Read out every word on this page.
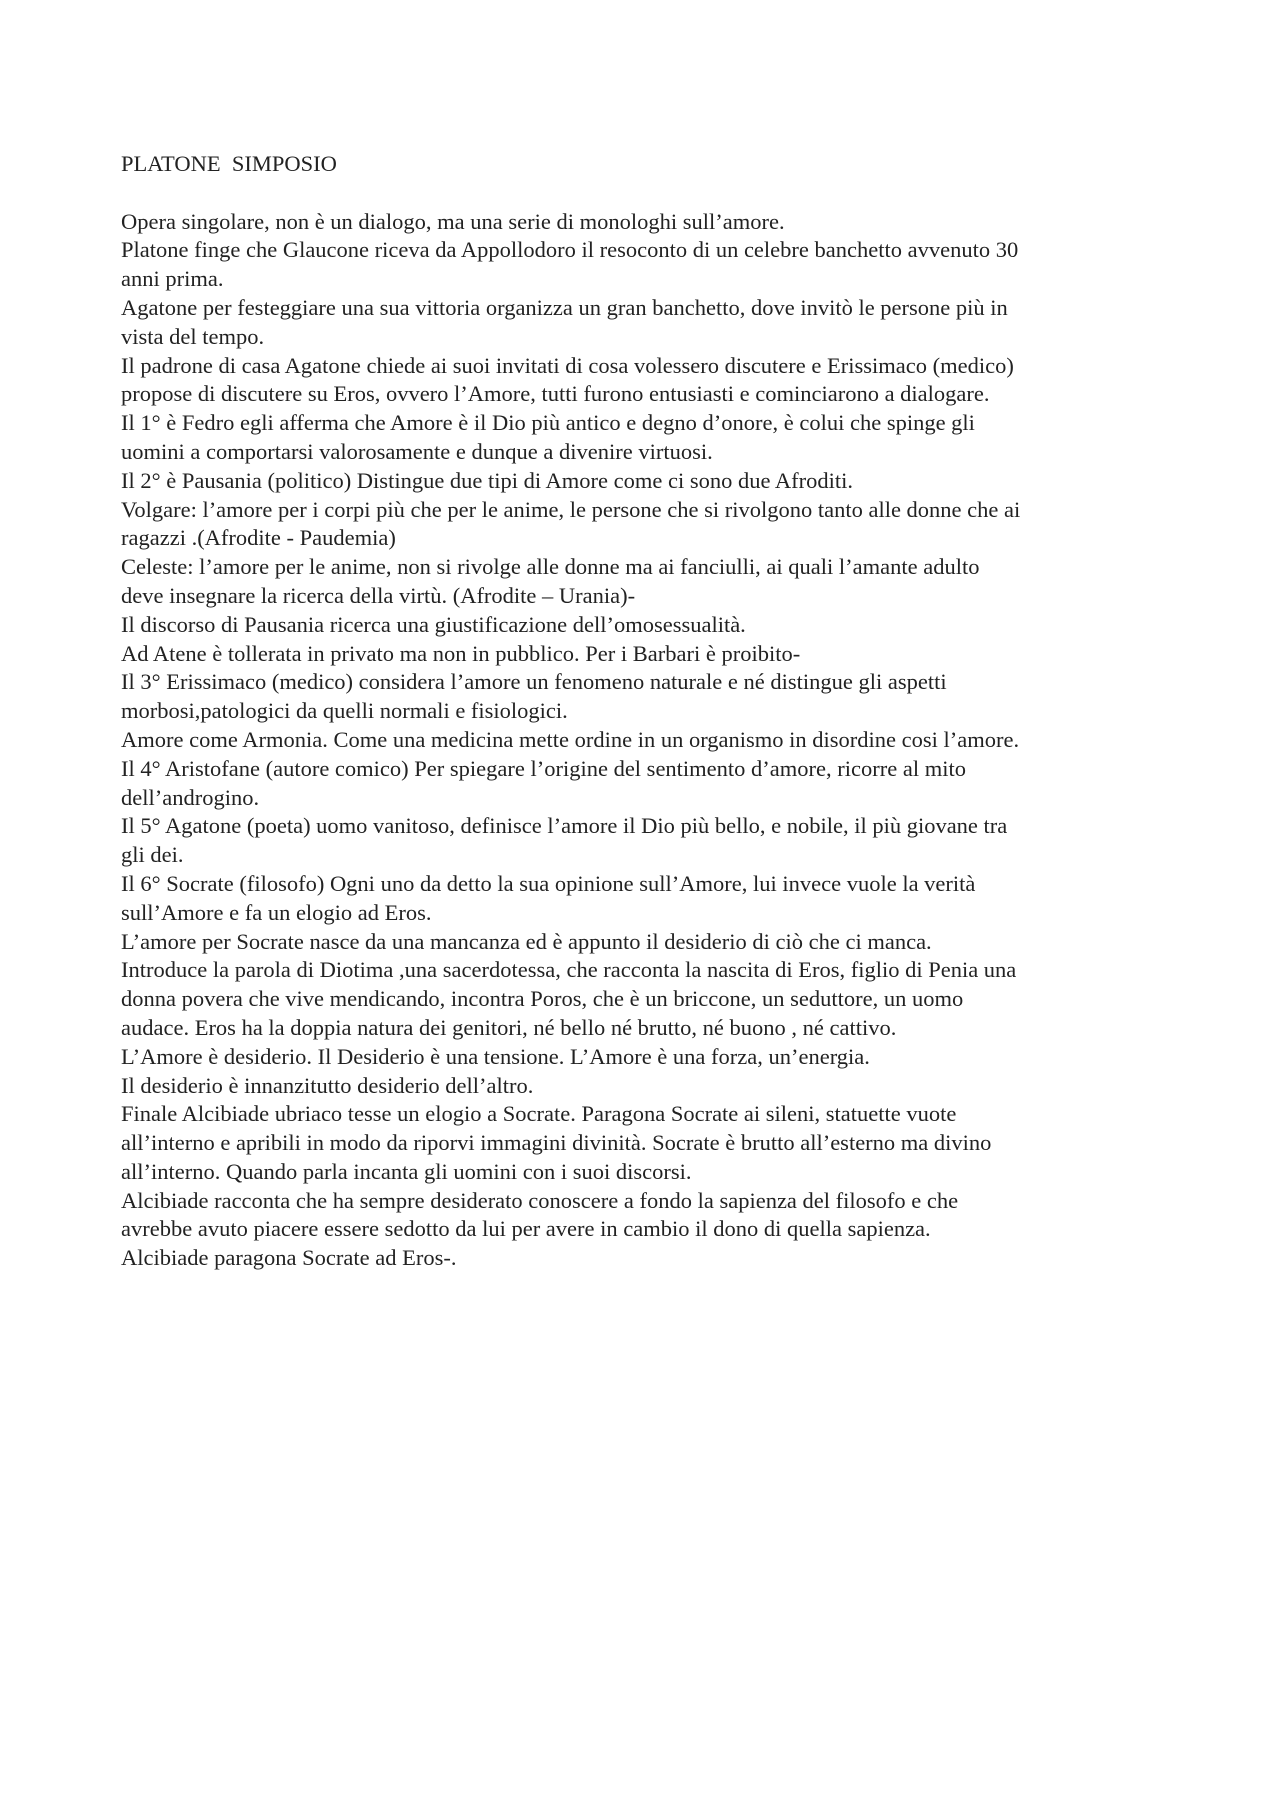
PLATONE  SIMPOSIO

Opera singolare, non è un dialogo, ma una serie di monologhi sull’amore.

Platone finge che Glaucone riceva da Appollodoro il resoconto di un celebre banchetto avvenuto 30

anni prima.

Agatone per festeggiare una sua vittoria organizza un gran banchetto, dove invitò le persone più in

vista del tempo.

Il padrone di casa Agatone chiede ai suoi invitati di cosa volessero discutere e Erissimaco (medico)

propose di discutere su Eros, ovvero l’Amore, tutti furono entusiasti e cominciarono a dialogare.

Il 1° è Fedro egli afferma che Amore è il Dio più antico e degno d’onore, è colui che spinge gli

uomini a comportarsi valorosamente e dunque a divenire virtuosi.

Il 2° è Pausania (politico) Distingue due tipi di Amore come ci sono due Afroditi.

Volgare: l’amore per i corpi più che per le anime, le persone che si rivolgono tanto alle donne che ai

ragazzi .(Afrodite - Paudemia)

Celeste: l’amore per le anime, non si rivolge alle donne ma ai fanciulli, ai quali l’amante adulto

deve insegnare la ricerca della virtù. (Afrodite – Urania)-

Il discorso di Pausania ricerca una giustificazione dell’omosessualità.

Ad Atene è tollerata in privato ma non in pubblico. Per i Barbari è proibito-

Il 3° Erissimaco (medico) considera l’amore un fenomeno naturale e né distingue gli aspetti

morbosi,patologici da quelli normali e fisiologici.

Amore come Armonia. Come una medicina mette ordine in un organismo in disordine cosi l’amore.

Il 4° Aristofane (autore comico) Per spiegare l’origine del sentimento d’amore, ricorre al mito

dell’androgino.

Il 5° Agatone (poeta) uomo vanitoso, definisce l’amore il Dio più bello, e nobile, il più giovane tra

gli dei.

Il 6° Socrate (filosofo) Ogni uno da detto la sua opinione sull’Amore, lui invece vuole la verità

sull’Amore e fa un elogio ad Eros.

L’amore per Socrate nasce da una mancanza ed è appunto il desiderio di ciò che ci manca.

Introduce la parola di Diotima ,una sacerdotessa, che racconta la nascita di Eros, figlio di Penia una

donna povera che vive mendicando, incontra Poros, che è un briccone, un seduttore, un uomo

audace. Eros ha la doppia natura dei genitori, né bello né brutto, né buono , né cattivo.

L’Amore è desiderio. Il Desiderio è una tensione. L’Amore è una forza, un’energia.

Il desiderio è innanzitutto desiderio dell’altro.

Finale Alcibiade ubriaco tesse un elogio a Socrate. Paragona Socrate ai sileni, statuette vuote

all’interno e apribili in modo da riporvi immagini divinità. Socrate è brutto all’esterno ma divino

all’interno. Quando parla incanta gli uomini con i suoi discorsi.

Alcibiade racconta che ha sempre desiderato conoscere a fondo la sapienza del filosofo e che

avrebbe avuto piacere essere sedotto da lui per avere in cambio il dono di quella sapienza.

Alcibiade paragona Socrate ad Eros-.
